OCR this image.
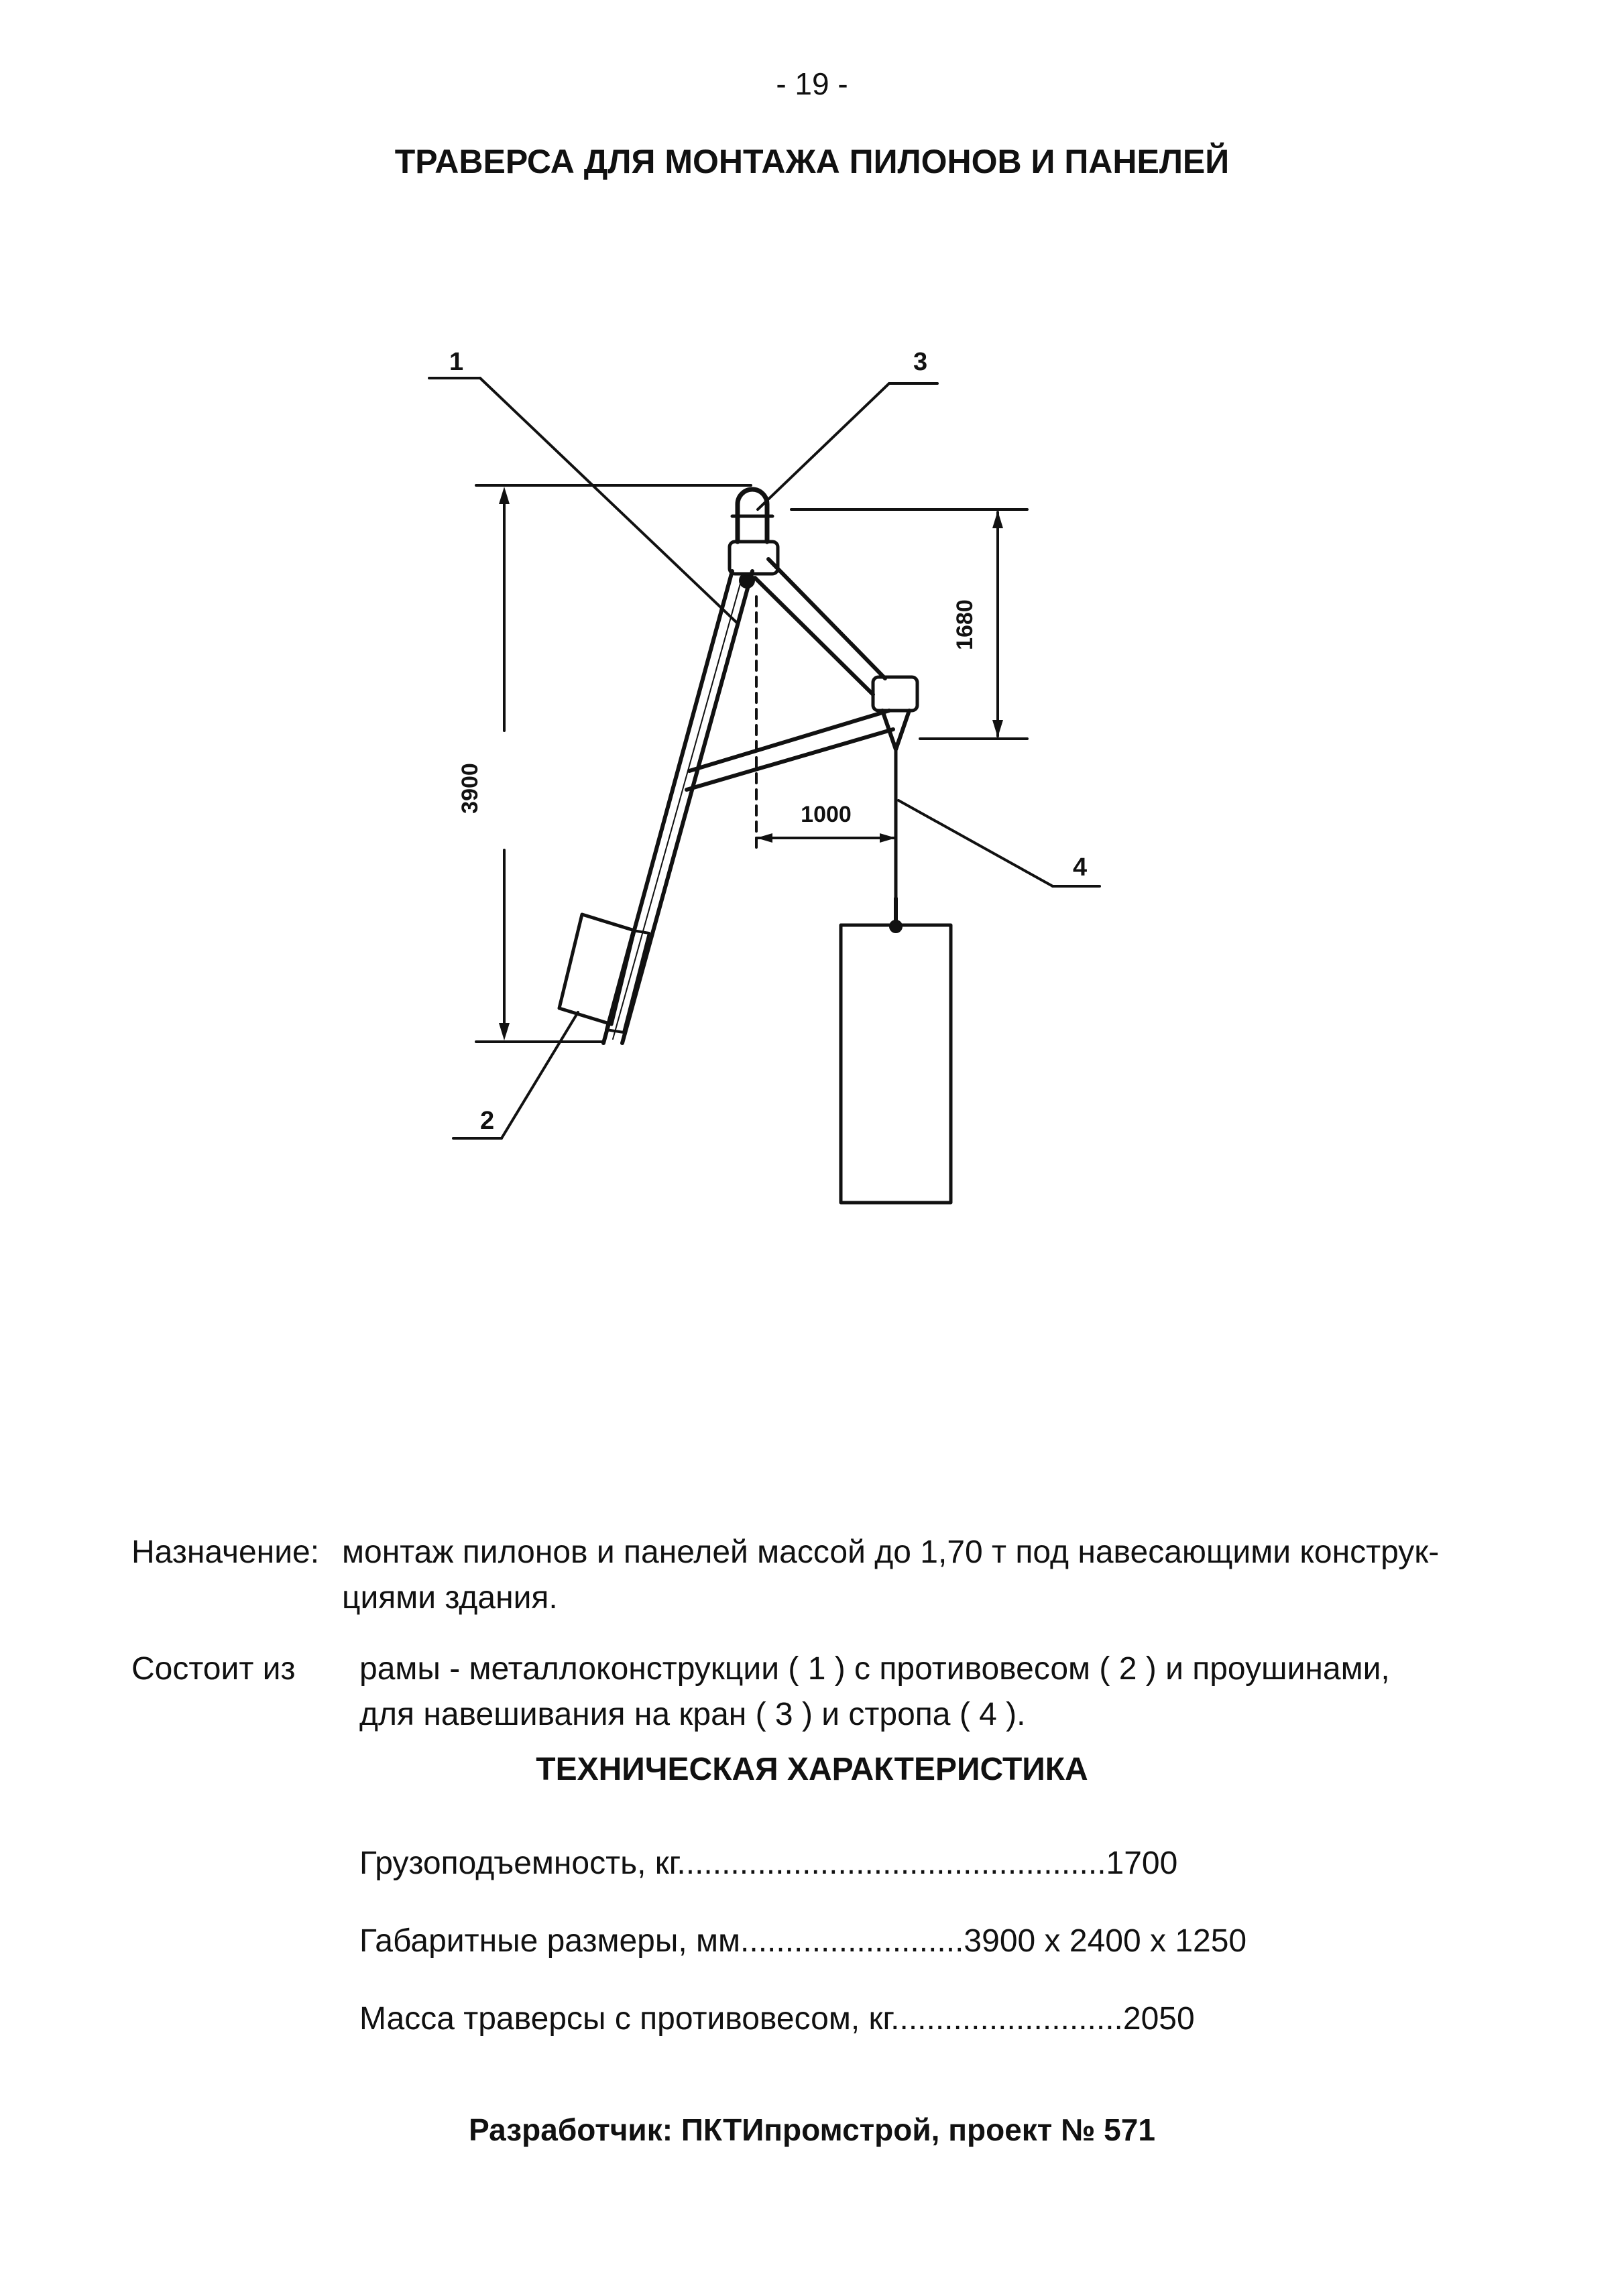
- 19 -
ТРАВЕРСА ДЛЯ МОНТАЖА ПИЛОНОВ И ПАНЕЛЕЙ
1	3
4
2
3900
1680
1000
Назначение: монтаж пилонов и панелей массой до 1,70 т под навесающими конструк-
циями здания.
Состоит из рамы - металлоконструкции ( 1 ) с противовесом ( 2 ) и проушинами,
для навешивания на кран ( 3 ) и стропа ( 4 ).
ТЕХНИЧЕСКАЯ ХАРАКТЕРИСТИКА
Грузоподъемность, кг................................................1700
Габаритные размеры, мм.........................3900 х 2400 х 1250
Масса траверсы с противовесом, кг..........................2050
Разработчик: ПКТИпромстрой, проект № 571
